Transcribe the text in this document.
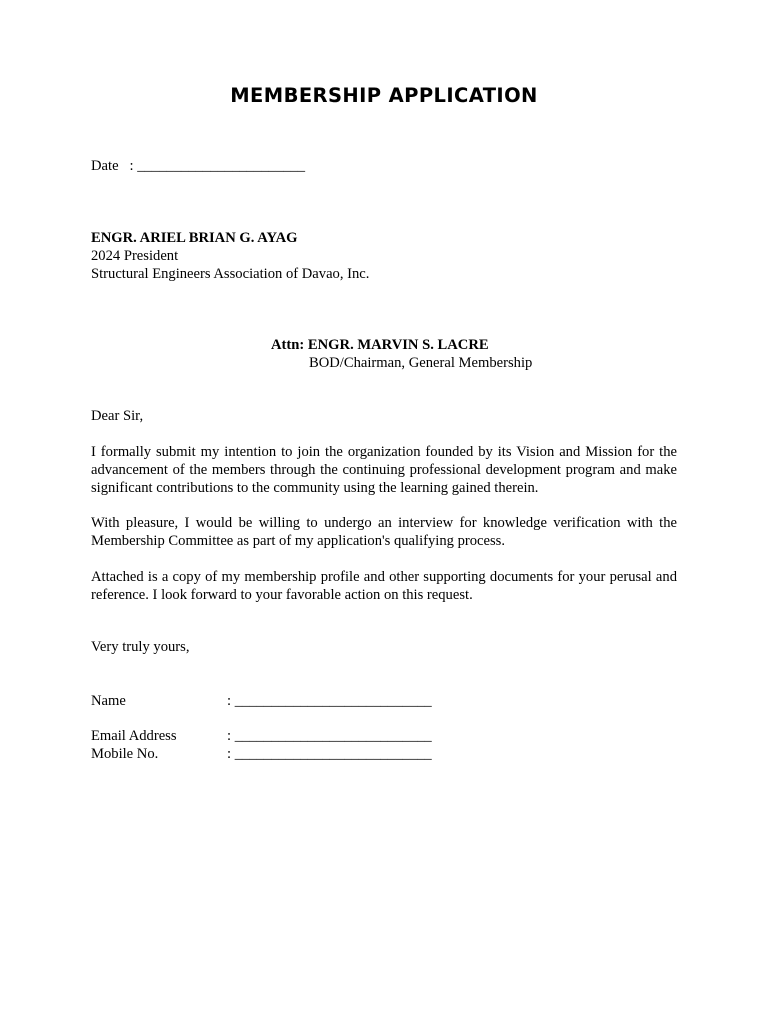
MEMBERSHIP APPLICATION
Date   : _______________________
ENGR. ARIEL BRIAN G. AYAG
2024 President
Structural Engineers Association of Davao, Inc.
Attn: ENGR. MARVIN S. LACRE
BOD/Chairman, General Membership
Dear Sir,

I formally submit my intention to join the organization founded by its Vision and Mission for the advancement of the members through the continuing professional development program and make significant contributions to the community using the learning gained therein.

With pleasure, I would be willing to undergo an interview for knowledge verification with the Membership Committee as part of my application's qualifying process.

Attached is a copy of my membership profile and other supporting documents for your perusal and reference. I look forward to your favorable action on this request.

Very truly yours,
Name	: ___________________________
Email Address	: ___________________________
Mobile No.	: ___________________________
